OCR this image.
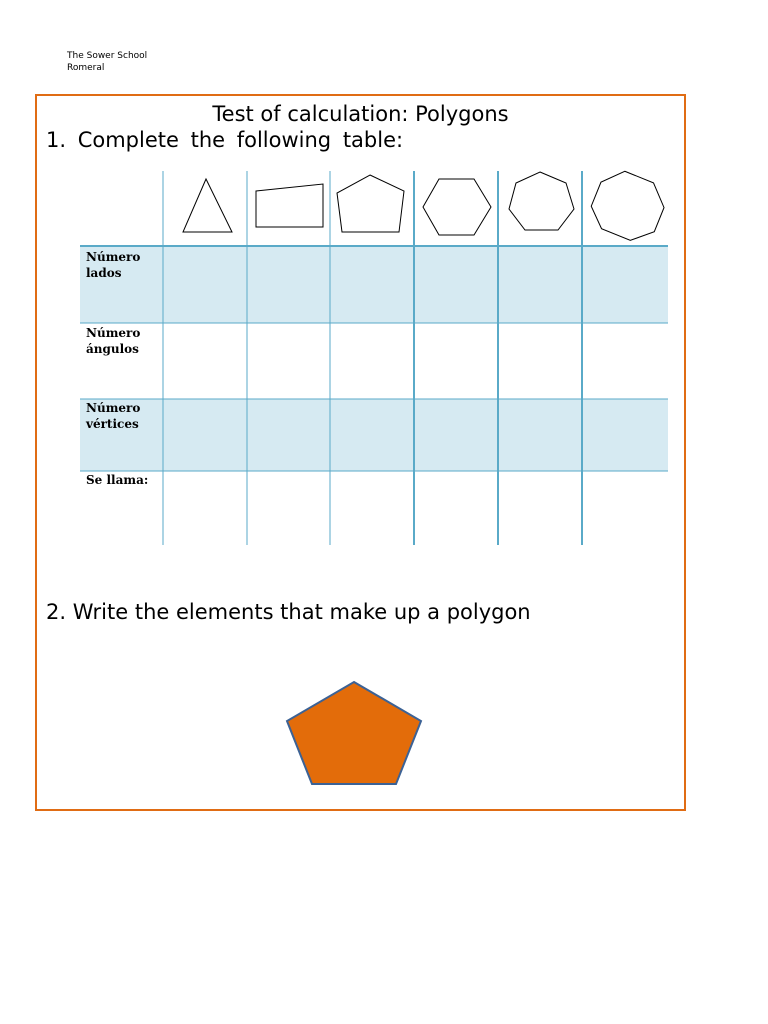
The Sower School
Romeral
Test of calculation: Polygons
1. Complete the following table:
Número lados
Número ángulos
Número vértices
Se llama:
2. Write the elements that make up a polygon
